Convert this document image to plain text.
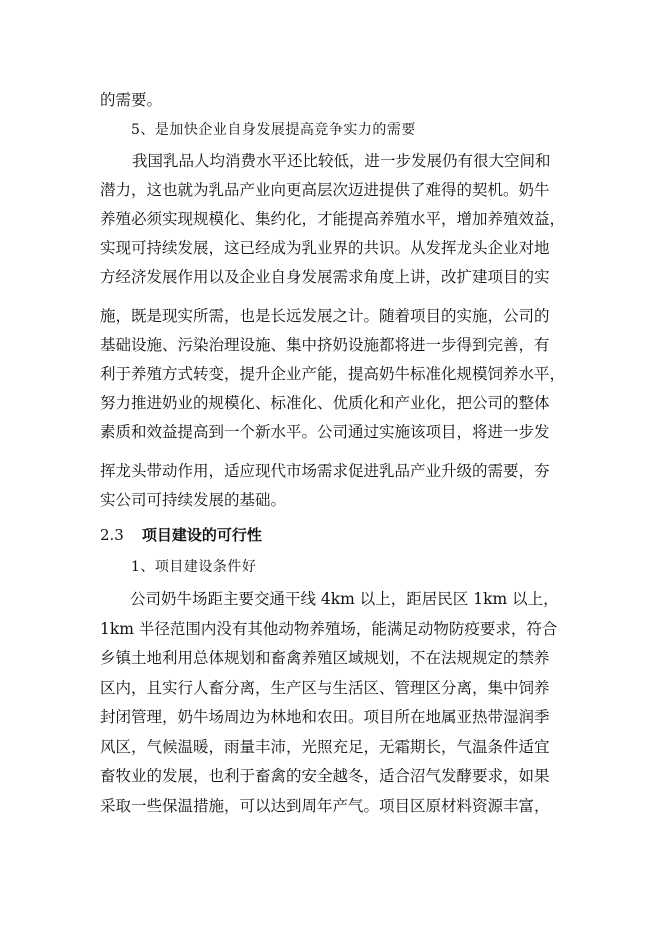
的需要。
5、是加快企业自身发展提高竞争实力的需要
我国乳品人均消费水平还比较低，进一步发展仍有很大空间和
潜力，这也就为乳品产业向更高层次迈进提供了难得的契机。奶牛
养殖必须实现规模化、集约化，才能提高养殖水平，增加养殖效益，
实现可持续发展，这已经成为乳业界的共识。从发挥龙头企业对地
方经济发展作用以及企业自身发展需求角度上讲，改扩建项目的实
施，既是现实所需，也是长远发展之计。随着项目的实施，公司的
基础设施、污染治理设施、集中挤奶设施都将进一步得到完善，有
利于养殖方式转变，提升企业产能，提高奶牛标准化规模饲养水平，
努力推进奶业的规模化、标准化、优质化和产业化，把公司的整体
素质和效益提高到一个新水平。公司通过实施该项目，将进一步发
挥龙头带动作用，适应现代市场需求促进乳品产业升级的需要，夯
实公司可持续发展的基础。
2.3 项目建设的可行性
1、项目建设条件好
公司奶牛场距主要交通干线 4km 以上，距居民区 1km 以上，
1km 半径范围内没有其他动物养殖场，能满足动物防疫要求，符合
乡镇土地利用总体规划和畜禽养殖区域规划，不在法规规定的禁养
区内，且实行人畜分离，生产区与生活区、管理区分离，集中饲养
封闭管理，奶牛场周边为林地和农田。项目所在地属亚热带湿润季
风区，气候温暖，雨量丰沛，光照充足，无霜期长，气温条件适宜
畜牧业的发展，也利于畜禽的安全越冬，适合沼气发酵要求，如果
采取一些保温措施，可以达到周年产气。项目区原材料资源丰富，
